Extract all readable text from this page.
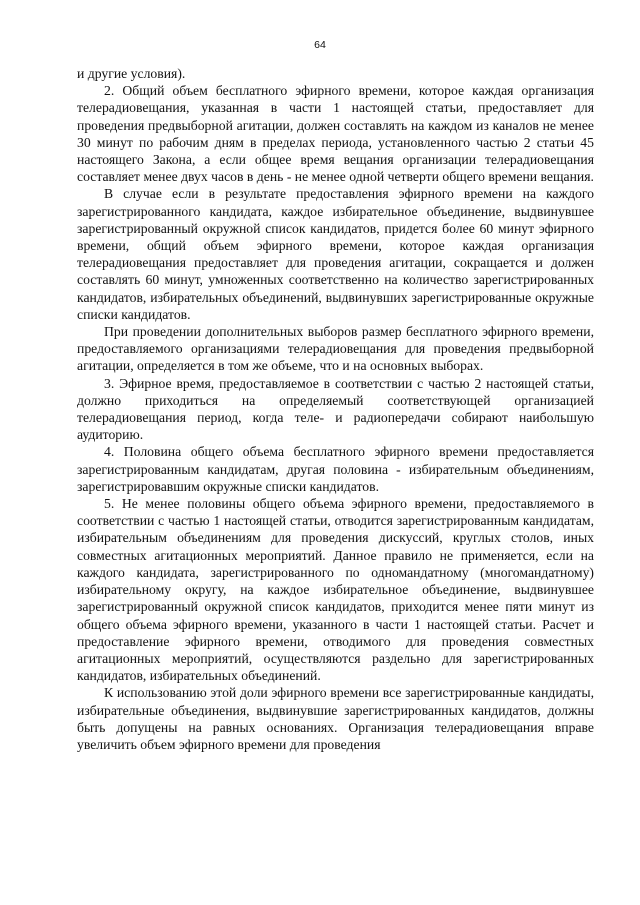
64

и другие условия).

2. Общий объем бесплатного эфирного времени, которое каждая организация телерадиовещания, указанная в части 1 настоящей статьи, предоставляет для проведения предвыборной агитации, должен составлять на каждом из каналов не менее 30 минут по рабочим дням в пределах периода, установленного частью 2 статьи 45 настоящего Закона, а если общее время вещания организации телерадиовещания составляет менее двух часов в день - не менее одной четверти общего времени вещания.

В случае если в результате предоставления эфирного времени на каждого зарегистрированного кандидата, каждое избирательное объединение, выдвинувшее зарегистрированный окружной список кандидатов, придется более 60 минут эфирного времени, общий объем эфирного времени, которое каждая организация телерадиовещания предоставляет для проведения агитации, сокращается и должен составлять 60 минут, умноженных соответственно на количество зарегистрированных кандидатов, избирательных объединений, выдвинувших зарегистрированные окружные списки кандидатов.

При проведении дополнительных выборов размер бесплатного эфирного времени, предоставляемого организациями телерадиовещания для проведения предвыборной агитации, определяется в том же объеме, что и на основных выборах.

3. Эфирное время, предоставляемое в соответствии с частью 2 настоящей статьи, должно приходиться на определяемый соответствующей организацией телерадиовещания период, когда теле- и радиопередачи собирают наибольшую аудиторию.

4. Половина общего объема бесплатного эфирного времени предоставляется зарегистрированным кандидатам, другая половина - избирательным объединениям, зарегистрировавшим окружные списки кандидатов.

5. Не менее половины общего объема эфирного времени, предоставляемого в соответствии с частью 1 настоящей статьи, отводится зарегистрированным кандидатам, избирательным объединениям для проведения дискуссий, круглых столов, иных совместных агитационных мероприятий. Данное правило не применяется, если на каждого кандидата, зарегистрированного по одномандатному (многомандатному) избирательному округу, на каждое избирательное объединение, выдвинувшее зарегистрированный окружной список кандидатов, приходится менее пяти минут из общего объема эфирного времени, указанного в части 1 настоящей статьи. Расчет и предоставление эфирного времени, отводимого для проведения совместных агитационных мероприятий, осуществляются раздельно для зарегистрированных кандидатов, избирательных объединений.

К использованию этой доли эфирного времени все зарегистрированные кандидаты, избирательные объединения, выдвинувшие зарегистрированных кандидатов, должны быть допущены на равных основаниях. Организация телерадиовещания вправе увеличить объем эфирного времени для проведения
